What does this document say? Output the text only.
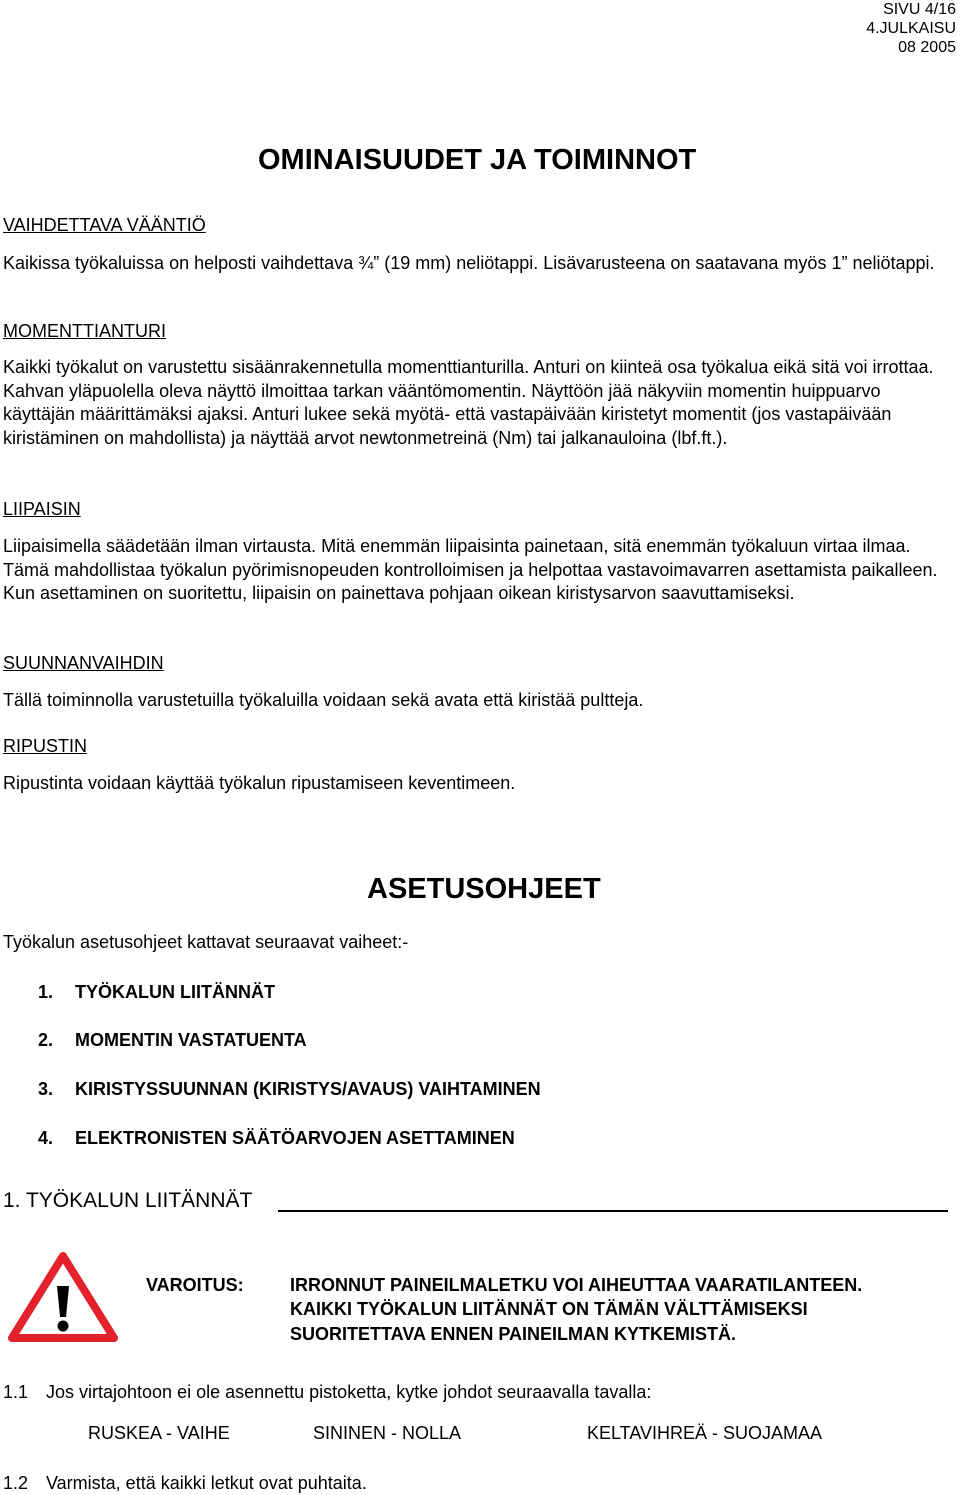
SIVU 4/16
4.JULKAISU
08 2005
OMINAISUUDET JA TOIMINNOT
VAIHDETTAVA VÄÄNTIÖ
Kaikissa työkaluissa on helposti vaihdettava ¾” (19 mm) neliötappi. Lisävarusteena on saatavana myös 1” neliötappi.
MOMENTTIANTURI
Kaikki työkalut on varustettu sisäänrakennetulla momenttianturilla. Anturi on kiinteä osa työkalua eikä sitä voi irrottaa. Kahvan yläpuolella oleva näyttö ilmoittaa tarkan vääntömomentin. Näyttöön jää näkyviin momentin huippuarvo käyttäjän määrittämäksi ajaksi. Anturi lukee sekä myötä- että vastapäivään kiristetyt momentit (jos vastapäivään kiristäminen on mahdollista) ja näyttää arvot newtonmetreinä (Nm) tai jalkanauloina (lbf.ft.).
LIIPAISIN
Liipaisimella säädetään ilman virtausta. Mitä enemmän liipaisinta painetaan, sitä enemmän työkaluun virtaa ilmaa. Tämä mahdollistaa työkalun pyörimisnopeuden kontrolloimisen ja helpottaa vastavoimavarren asettamista paikalleen. Kun asettaminen on suoritettu, liipaisin on painettava pohjaan oikean kiristysarvon saavuttamiseksi.
SUUNNANVAIHDIN
Tällä toiminnolla varustetuilla työkaluilla voidaan sekä avata että kiristää pultteja.
RIPUSTIN
Ripustinta voidaan käyttää työkalun ripustamiseen keventimeen.
ASETUSOHJEET
Työkalun asetusohjeet kattavat seuraavat vaiheet:-
1. TYÖKALUN LIITÄNNÄT
2. MOMENTIN VASTATUENTA
3. KIRISTYSSUUNNAN (KIRISTYS/AVAUS) VAIHTAMINEN
4. ELEKTRONISTEN SÄÄTÖARVOJEN ASETTAMINEN
1. TYÖKALUN LIITÄNNÄT
VAROITUS:	IRRONNUT PAINEILMALETKU VOI AIHEUTTAA VAARATILANTEEN.
KAIKKI TYÖKALUN LIITÄNNÄT ON TÄMÄN VÄLTTÄMISEKSI
SUORITETTAVA ENNEN PAINEILMAN KYTKEMISTÄ.
1.1 Jos virtajohtoon ei ole asennettu pistoketta, kytke johdot seuraavalla tavalla:
RUSKEA - VAIHE	SININEN - NOLLA	KELTAVIHREÄ - SUOJAMAA
1.2 Varmista, että kaikki letkut ovat puhtaita.
